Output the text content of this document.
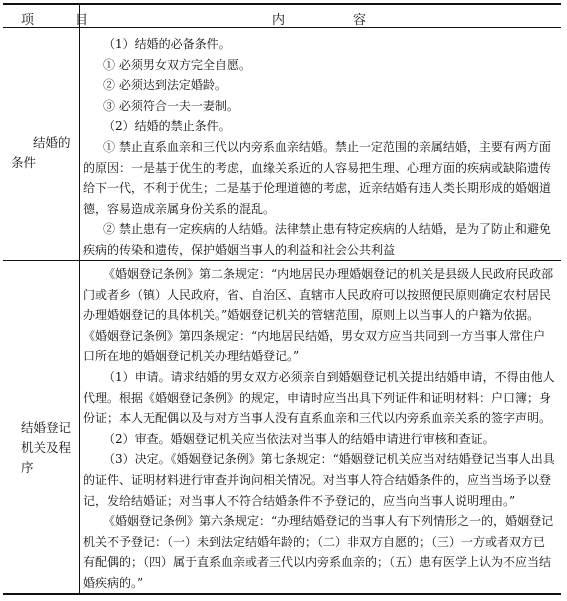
项　目	内　　容
结婚的
条件

（1）结婚的必备条件。

① 必须男女双方完全自愿。

② 必须达到法定婚龄。

③ 必须符合一夫一妻制。

（2）结婚的禁止条件。

① 禁止直系血亲和三代以内旁系血亲结婚。禁止一定范围的亲属结婚，主要有两方面的原因：一是基于优生的考虑，血缘关系近的人容易把生理、心理方面的疾病或缺陷遗传给下一代，不利于优生；二是基于伦理道德的考虑，近亲结婚有违人类长期形成的婚姻道德，容易造成亲属身份关系的混乱。

② 禁止患有一定疾病的人结婚。法律禁止患有特定疾病的人结婚，是为了防止和避免疾病的传染和遗传，保护婚姻当事人的利益和社会公共利益

结婚登记
机关及程序

《婚姻登记条例》第二条规定：“内地居民办理婚姻登记的机关是县级人民政府民政部门或者乡（镇）人民政府，省、自治区、直辖市人民政府可以按照便民原则确定农村居民办理婚姻登记的具体机关。”婚姻登记机关的管辖范围，原则上以当事人的户籍为依据。《婚姻登记条例》第四条规定：“内地居民结婚，男女双方应当共同到一方当事人常住户口所在地的婚姻登记机关办理结婚登记。”

（1）申请。请求结婚的男女双方必须亲自到婚姻登记机关提出结婚申请，不得由他人代理。根据《婚姻登记条例》的规定，申请时应当出具下列证件和证明材料：户口簿；身份证；本人无配偶以及与对方当事人没有直系血亲和三代以内旁系血亲关系的签字声明。

（2）审查。婚姻登记机关应当依法对当事人的结婚申请进行审核和查证。

（3）决定。《婚姻登记条例》第七条规定：“婚姻登记机关应当对结婚登记当事人出具的证件、证明材料进行审查并询问相关情况。对当事人符合结婚条件的，应当当场予以登记，发给结婚证；对当事人不符合结婚条件不予登记的，应当向当事人说明理由。”

《婚姻登记条例》第六条规定：“办理结婚登记的当事人有下列情形之一的，婚姻登记机关不予登记：（一）未到法定结婚年龄的；（二）非双方自愿的；（三）一方或者双方已有配偶的；（四）属于直系血亲或者三代以内旁系血亲的；（五）患有医学上认为不应当结婚疾病的。”
